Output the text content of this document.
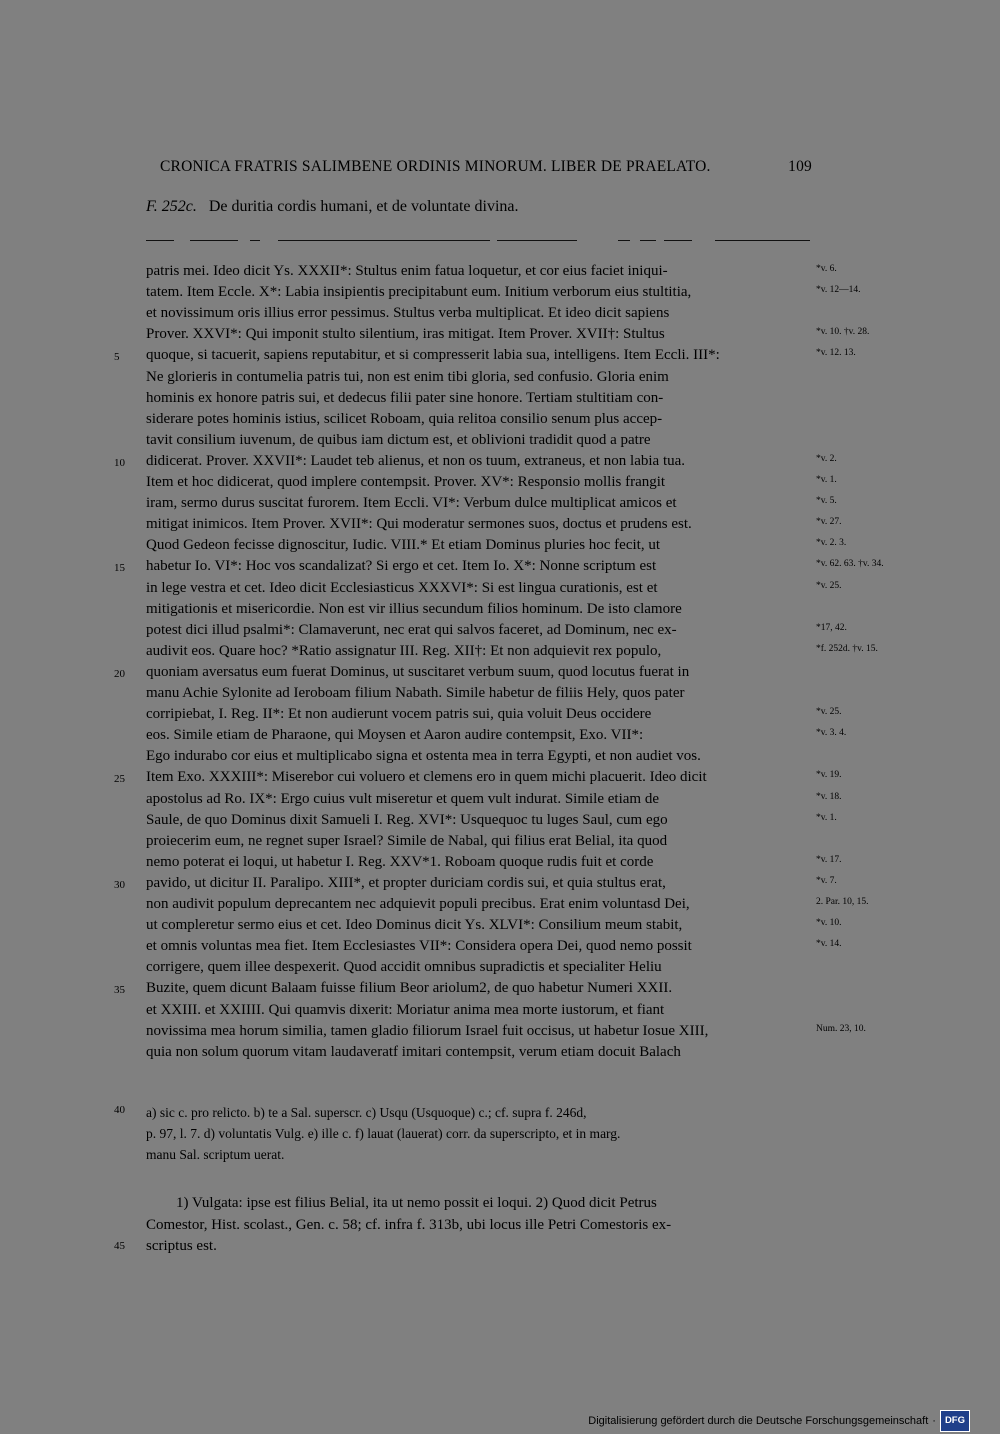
CRONICA FRATRIS SALIMBENE ORDINIS MINORUM. LIBER DE PRAELATO.	109
F. 252c. De duritia cordis humani, et de voluntate divina.
patris mei. Ideo dicit Ys. XXXII*: Stultus enim fatua loquetur, et cor eius faciet iniqui-
tatem. Item Eccle. X*: Labia insipientis precipitabunt eum. Initium verborum eius stultitia,
et novissimum oris illius error pessimus. Stultus verba multiplicat. Et ideo dicit sapiens
Prover. XXVI*: Qui imponit stulto silentium, iras mitigat. Item Prover. XVII†: Stultus
quoque, si tacuerit, sapiens reputabitur, et si compresserit labia sua, intelligens. Item Eccli. III*:
Ne glorieris in contumelia patris tui, non est enim tibi gloria, sed confusio. Gloria enim
hominis ex honore patris sui, et dedecus filii pater sine honore. Tertiam stultitiam con-
siderare potes hominis istius, scilicet Roboam, quia relitoa consilio senum plus accep-
tavit consilium iuvenum, de quibus iam dictum est, et oblivioni tradidit quod a patre
didicerat. Prover. XXVII*: Laudet teb alienus, et non os tuum, extraneus, et non labia tua.
Item et hoc didicerat, quod implere contempsit. Prover. XV*: Responsio mollis frangit
iram, sermo durus suscitat furorem. Item Eccli. VI*: Verbum dulce multiplicat amicos et
mitigat inimicos. Item Prover. XVII*: Qui moderatur sermones suos, doctus et prudens est.
Quod Gedeon fecisse dignoscitur, Iudic. VIII.* Et etiam Dominus pluries hoc fecit, ut
habetur Io. VI*: Hoc vos scandalizat? Si ergo et cet. Item Io. X*: Nonne scriptum est
in lege vestra et cet. Ideo dicit Ecclesiasticus XXXVI*: Si est lingua curationis, est et
mitigationis et misericordie. Non est vir illius secundum filios hominum. De isto clamore
potest dici illud psalmi*: Clamaverunt, nec erat qui salvos faceret, ad Dominum, nec ex-
audivit eos. Quare hoc? *Ratio assignatur III. Reg. XII†: Et non adquievit rex populo,
quoniam aversatus eum fuerat Dominus, ut suscitaret verbum suum, quod locutus fuerat in
manu Achie Sylonite ad Ieroboam filium Nabath. Simile habetur de filiis Hely, quos pater
corripiebat, I. Reg. II*: Et non audierunt vocem patris sui, quia voluit Deus occidere
eos. Simile etiam de Pharaone, qui Moysen et Aaron audire contempsit, Exo. VII*:
Ego indurabo cor eius et multiplicabo signa et ostenta mea in terra Egypti, et non audiet vos.
Item Exo. XXXIII*: Miserebor cui voluero et clemens ero in quem michi placuerit. Ideo dicit
apostolus ad Ro. IX*: Ergo cuius vult miseretur et quem vult indurat. Simile etiam de
Saule, de quo Dominus dixit Samueli I. Reg. XVI*: Usquequoc tu luges Saul, cum ego
proiecerim eum, ne regnet super Israel? Simile de Nabal, qui filius erat Belial, ita quod
nemo poterat ei loqui, ut habetur I. Reg. XXV*1. Roboam quoque rudis fuit et corde
pavido, ut dicitur II. Paralipo. XIII*, et propter duriciam cordis sui, et quia stultus erat,
non audivit populum deprecantem nec adquievit populi precibus. Erat enim voluntasd Dei,
ut compleretur sermo eius et cet. Ideo Dominus dicit Ys. XLVI*: Consilium meum stabit,
et omnis voluntas mea fiet. Item Ecclesiastes VII*: Considera opera Dei, quod nemo possit
corrigere, quem illee despexerit. Quod accidit omnibus supradictis et specialiter Heliu
Buzite, quem dicunt Balaam fuisse filium Beor ariolum2, de quo habetur Numeri XXII.
et XXIII. et XXIIII. Qui quamvis dixerit: Moriatur anima mea morte iustorum, et fiant
novissima mea horum similia, tamen gladio filiorum Israel fuit occisus, ut habetur Iosue XIII,
quia non solum quorum vitam laudaveratf imitari contempsit, verum etiam docuit Balach
5
10
15
20
25
30
35
*v. 6.
*v. 12—14.
*v. 10. †v. 28.
*v. 12. 13.
*v. 2.
*v. 1.
*v. 5.
*v. 27.
*v. 2. 3.
*v. 62. 63. †v. 34.
*v. 25.
*17, 42.
*f. 252d. †v. 15.
*v. 25.
*v. 3. 4.
*v. 19.
*v. 18.
*v. 1.
*v. 17.
*v. 7.
2. Par. 10, 15.
*v. 10.
*v. 14.
Num. 23, 10.
40	a) sic c. pro relicto. b) te a Sal. superscr. c) Usqu (Usquoque) c.; cf. supra f. 246d,
p. 97, l. 7. d) voluntatis Vulg. e) ille c. f) lauat (lauerat) corr. da superscripto, et in marg.
manu Sal. scriptum uerat.
1) Vulgata: ipse est filius Belial, ita ut nemo possit ei loqui. 2) Quod dicit Petrus
Comestor, Hist. scolast., Gen. c. 58; cf. infra f. 313b, ubi locus ille Petri Comestoris ex-
45	scriptus est.
Digitalisierung gefördert durch die Deutsche Forschungsgemeinschaft · DFG
